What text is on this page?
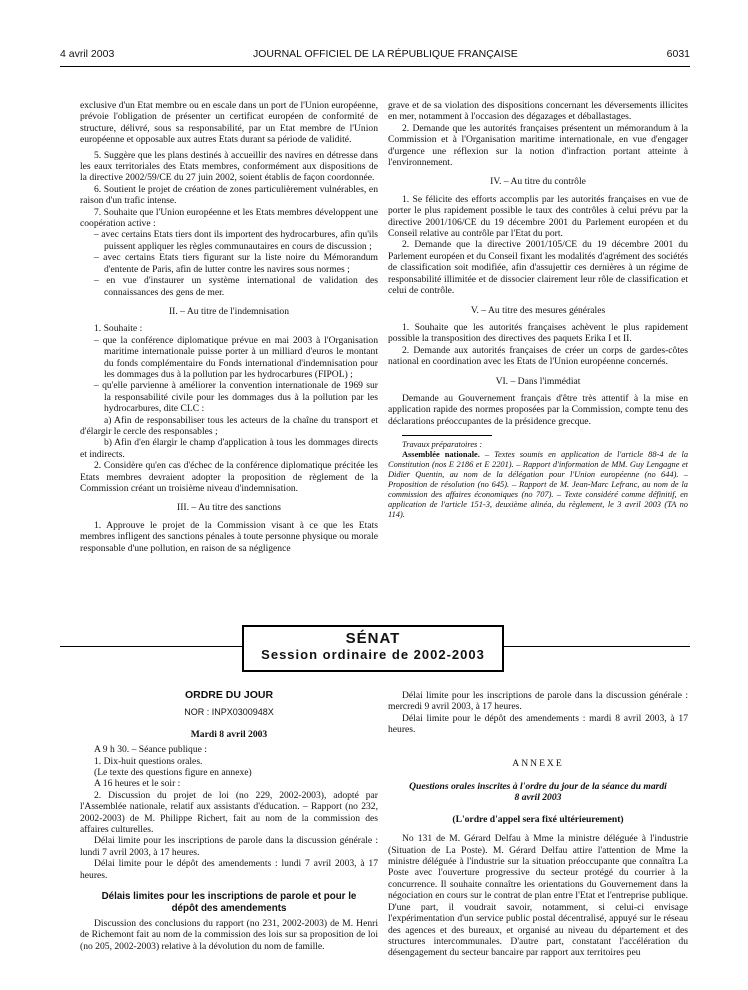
4 avril 2003	JOURNAL OFFICIEL DE LA RÉPUBLIQUE FRANÇAISE	6031

exclusive d'un Etat membre ou en escale dans un port de l'Union européenne, prévoie l'obligation de présenter un certificat européen de conformité de structure, délivré, sous sa responsabilité, par un Etat membre de l'Union européenne et opposable aux autres Etats durant sa période de validité.

5. Suggère que les plans destinés à accueillir des navires en détresse dans les eaux territoriales des Etats membres, conformément aux dispositions de la directive 2002/59/CE du 27 juin 2002, soient établis de façon coordonnée.

6. Soutient le projet de création de zones particulièrement vulnérables, en raison d'un trafic intense.

7. Souhaite que l'Union européenne et les Etats membres développent une coopération active :

– avec certains Etats tiers dont ils importent des hydrocarbures, afin qu'ils puissent appliquer les règles communautaires en cours de discussion ;

– avec certains Etats tiers figurant sur la liste noire du Mémorandum d'entente de Paris, afin de lutter contre les navires sous normes ;

– en vue d'instaurer un système international de validation des connaissances des gens de mer.

II. – Au titre de l'indemnisation

1. Souhaite :

– que la conférence diplomatique prévue en mai 2003 à l'Organisation maritime internationale puisse porter à un milliard d'euros le montant du fonds complémentaire du Fonds international d'indemnisation pour les dommages dus à la pollution par les hydrocarbures (FIPOL) ;

– qu'elle parvienne à améliorer la convention internationale de 1969 sur la responsabilité civile pour les dommages dus à la pollution par les hydrocarbures, dite CLC :

a) Afin de responsabiliser tous les acteurs de la chaîne du transport et d'élargir le cercle des responsables ;

b) Afin d'en élargir le champ d'application à tous les dommages directs et indirects.

2. Considère qu'en cas d'échec de la conférence diplomatique précitée les Etats membres devraient adopter la proposition de règlement de la Commission créant un troisième niveau d'indemnisation.

III. – Au titre des sanctions

1. Approuve le projet de la Commission visant à ce que les Etats membres infligent des sanctions pénales à toute personne physique ou morale responsable d'une pollution, en raison de sa négligence

grave et de sa violation des dispositions concernant les déversements illicites en mer, notamment à l'occasion des dégazages et déballastages.

2. Demande que les autorités françaises présentent un mémorandum à la Commission et à l'Organisation maritime internationale, en vue d'engager d'urgence une réflexion sur la notion d'infraction portant atteinte à l'environnement.

IV. – Au titre du contrôle

1. Se félicite des efforts accomplis par les autorités françaises en vue de porter le plus rapidement possible le taux des contrôles à celui prévu par la directive 2001/106/CE du 19 décembre 2001 du Parlement européen et du Conseil relative au contrôle par l'Etat du port.

2. Demande que la directive 2001/105/CE du 19 décembre 2001 du Parlement européen et du Conseil fixant les modalités d'agrément des sociétés de classification soit modifiée, afin d'assujettir ces dernières à un régime de responsabilité illimitée et de dissocier clairement leur rôle de classification et celui de contrôle.

V. – Au titre des mesures générales

1. Souhaite que les autorités françaises achèvent le plus rapidement possible la transposition des directives des paquets Erika I et II.

2. Demande aux autorités françaises de créer un corps de gardes-côtes national en coordination avec les Etats de l'Union européenne concernés.

VI. – Dans l'immédiat

Demande au Gouvernement français d'être très attentif à la mise en application rapide des normes proposées par la Commission, compte tenu des déclarations préoccupantes de la présidence grecque.

Travaux préparatoires :

Assemblée nationale. – Textes soumis en application de l'article 88-4 de la Constitution (nos E 2186 et E 2201). – Rapport d'information de MM. Guy Lengagne et Didier Quentin, au nom de la délégation pour l'Union européenne (no 644). – Proposition de résolution (no 645). – Rapport de M. Jean-Marc Lefranc, au nom de la commission des affaires économiques (no 707). – Texte considéré comme définitif, en application de l'article 151-3, deuxième alinéa, du règlement, le 3 avril 2003 (TA no 114).

SÉNAT
Session ordinaire de 2002-2003

ORDRE DU JOUR

NOR : INPX0300948X

Mardi 8 avril 2003

A 9 h 30. – Séance publique :

1. Dix-huit questions orales.

(Le texte des questions figure en annexe)

A 16 heures et le soir :

2. Discussion du projet de loi (no 229, 2002-2003), adopté par l'Assemblée nationale, relatif aux assistants d'éducation. – Rapport (no 232, 2002-2003) de M. Philippe Richert, fait au nom de la commission des affaires culturelles.

Délai limite pour les inscriptions de parole dans la discussion générale : lundi 7 avril 2003, à 17 heures.

Délai limite pour le dépôt des amendements : lundi 7 avril 2003, à 17 heures.

Délais limites pour les inscriptions de parole et pour le dépôt des amendements

Discussion des conclusions du rapport (no 231, 2002-2003) de M. Henri de Richemont fait au nom de la commission des lois sur sa proposition de loi (no 205, 2002-2003) relative à la dévolution du nom de famille.

Délai limite pour les inscriptions de parole dans la discussion générale : mercredi 9 avril 2003, à 17 heures.

Délai limite pour le dépôt des amendements : mardi 8 avril 2003, à 17 heures.

ANNEXE

Questions orales inscrites à l'ordre du jour de la séance du mardi 8 avril 2003

(L'ordre d'appel sera fixé ultérieurement)

No 131 de M. Gérard Delfau à Mme la ministre déléguée à l'industrie (Situation de La Poste). M. Gérard Delfau attire l'attention de Mme la ministre déléguée à l'industrie sur la situation préoccupante que connaîtra La Poste avec l'ouverture progressive du secteur protégé du courrier à la concurrence. Il souhaite connaître les orientations du Gouvernement dans la négociation en cours sur le contrat de plan entre l'Etat et l'entreprise publique. D'une part, il voudrait savoir, notamment, si celui-ci envisage l'expérimentation d'un service public postal décentralisé, appuyé sur le réseau des agences et des bureaux, et organisé au niveau du département et des structures intercommunales. D'autre part, constatant l'accélération du désengagement du secteur bancaire par rapport aux territoires peu
